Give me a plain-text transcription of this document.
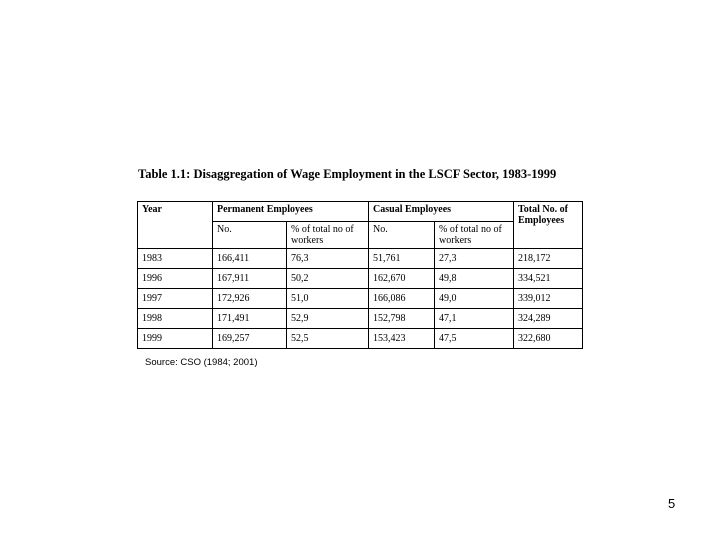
Table 1.1: Disaggregation of Wage Employment in the LSCF Sector, 1983-1999
Year	Permanent Employees		Casual Employees		Total No. of Employees
	No.	% of total no of workers	No.	% of total no of workers	
1983	166,411	76,3	51,761	27,3	218,172
1996	167,911	50,2	162,670	49,8	334,521
1997	172,926	51,0	166,086	49,0	339,012
1998	171,491	52,9	152,798	47,1	324,289
1999	169,257	52,5	153,423	47,5	322,680
Source: CSO (1984; 2001)
5
